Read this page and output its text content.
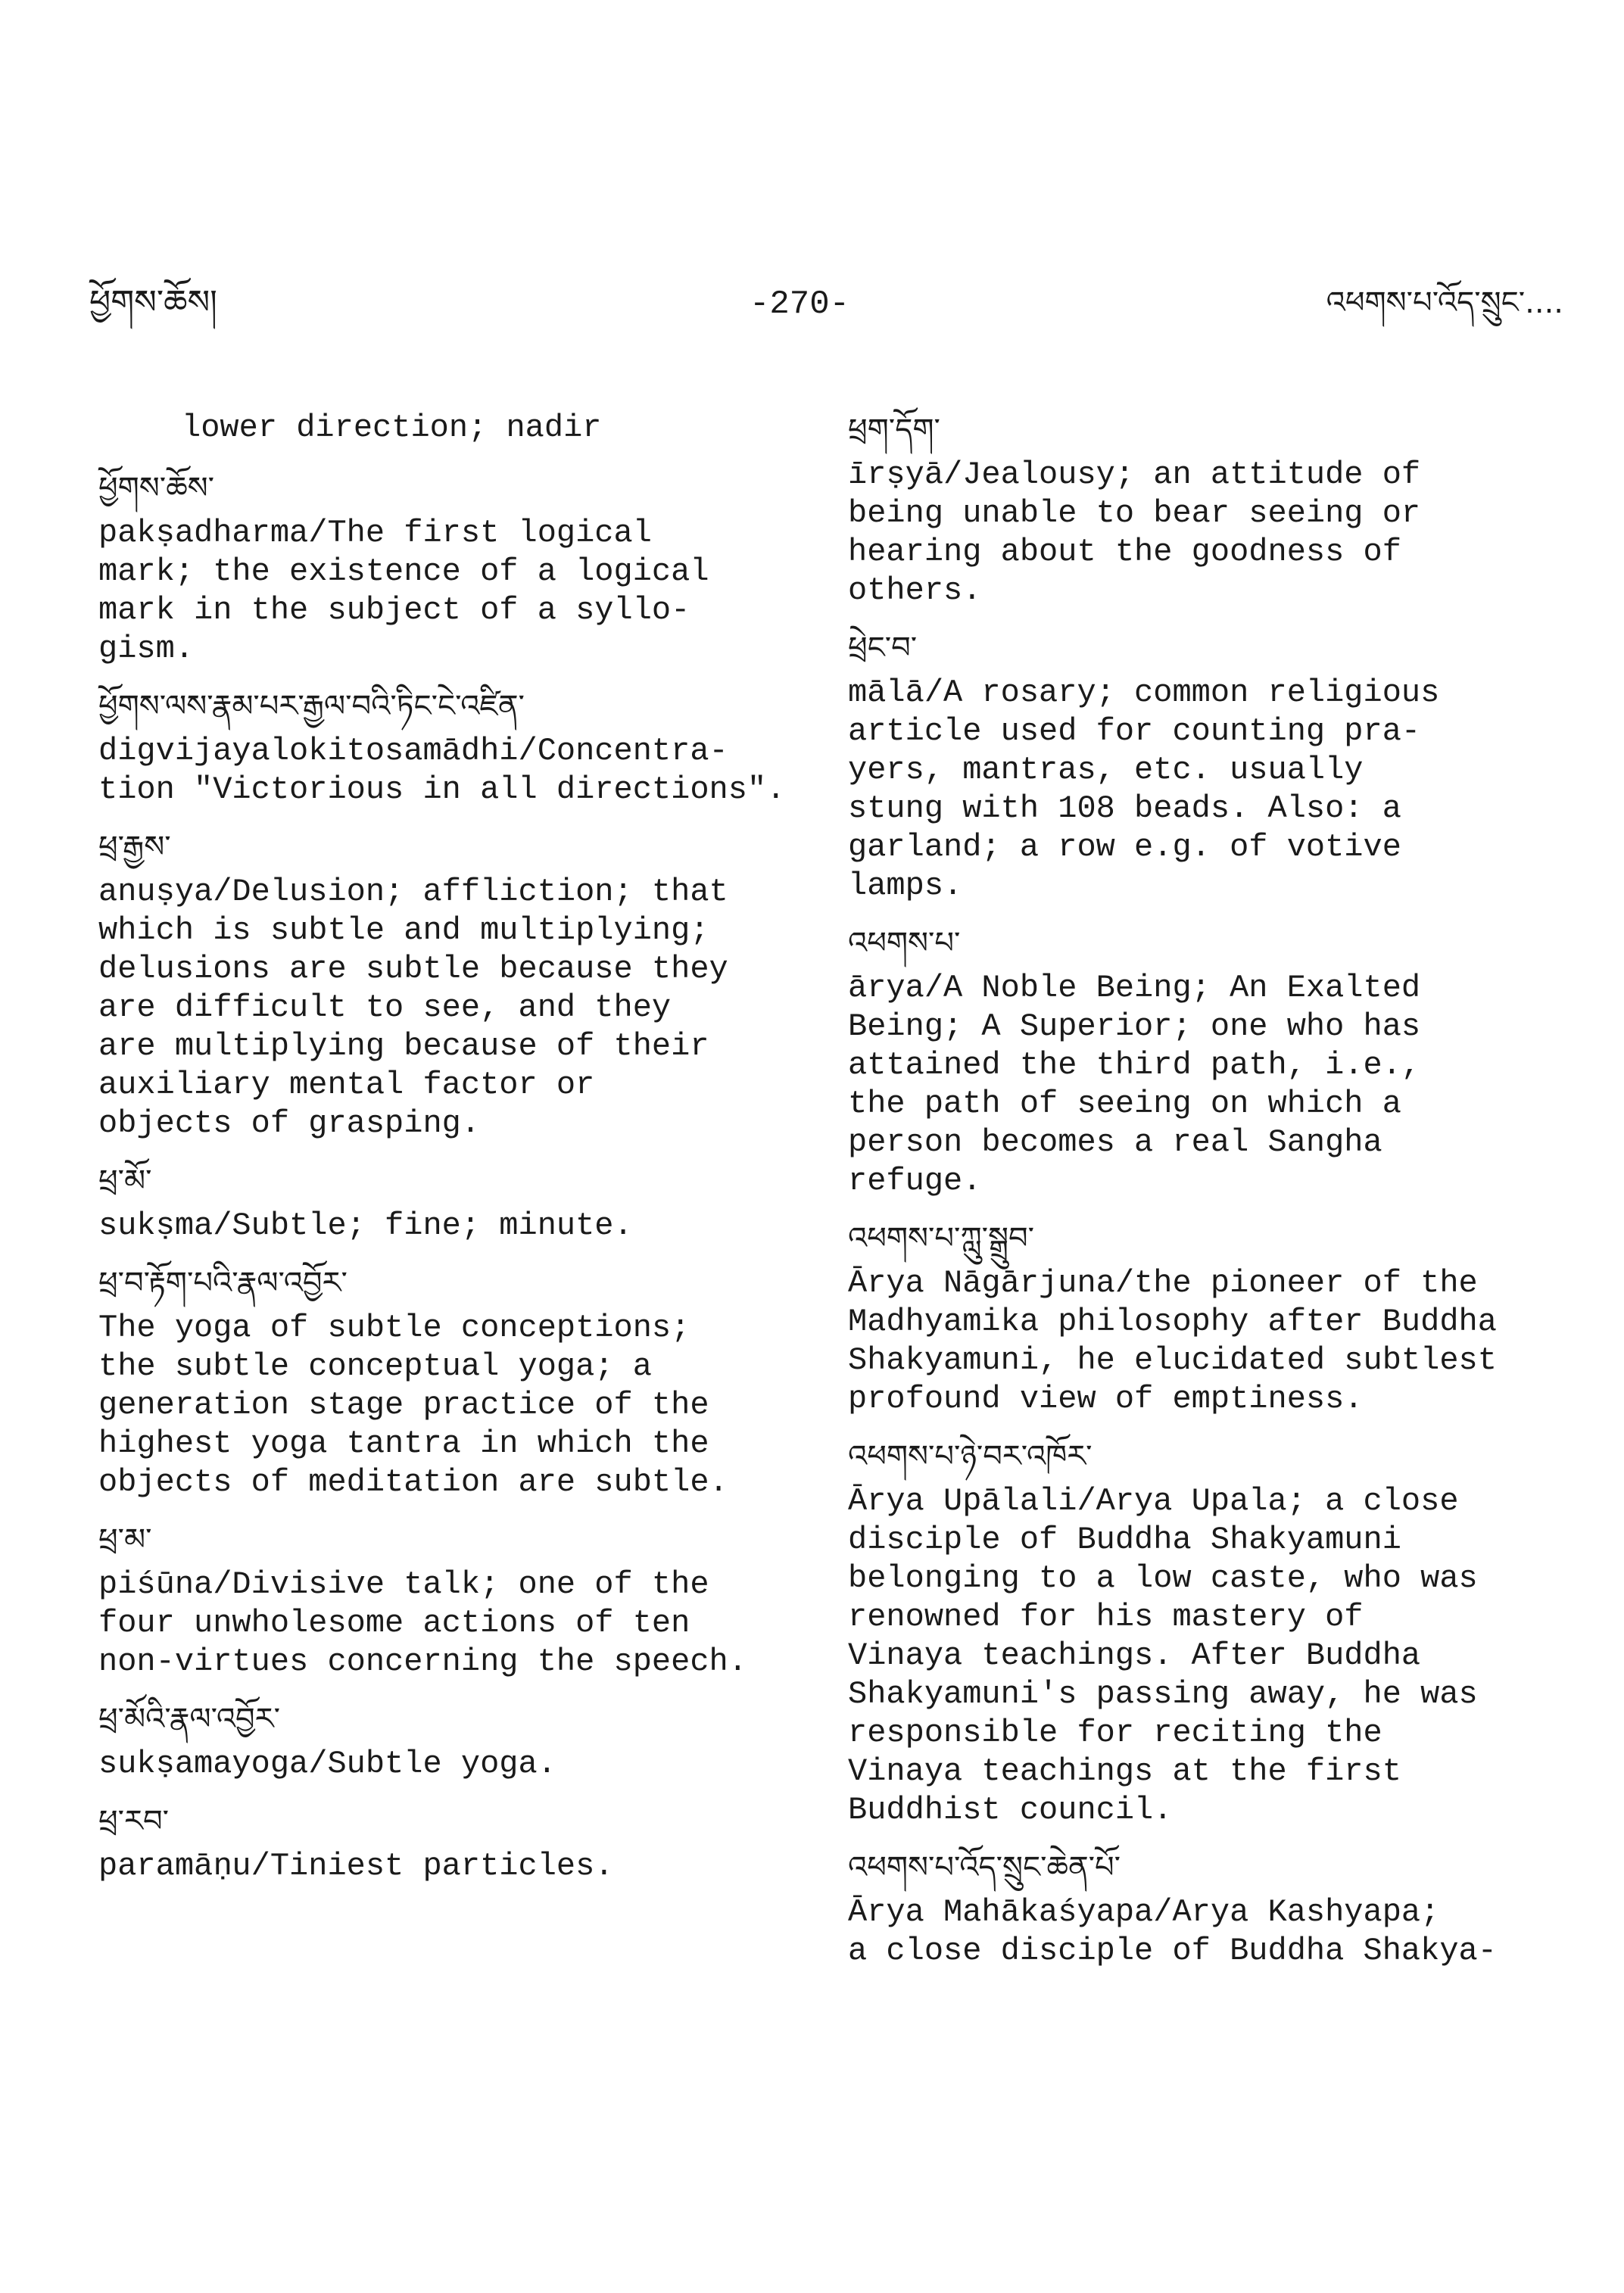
ཕྱོགས་ཆོས།	-270-	འཕགས་པ་འོད་སྲུང་....
lower direction; nadir
ཕྱོགས་ཆོས་
pakṣadharma/The first logical
mark; the existence of a logical
mark in the subject of a syllo-
gism.
ཕྱོགས་ལས་རྣམ་པར་རྒྱལ་བའི་ཏིང་ངེ་འཛིན་
digvijayalokitosamādhi/Concentra-
tion "Victorious in all directions".
ཕྲ་རྒྱས་
anuṣya/Delusion; affliction; that
which is subtle and multiplying;
delusions are subtle because they
are difficult to see, and they
are multiplying because of their
auxiliary mental factor or
objects of grasping.
ཕྲ་མོ་
sukṣma/Subtle; fine; minute.
ཕྲ་བ་རྟོག་པའི་རྣལ་འབྱོར་
The yoga of subtle conceptions;
the subtle conceptual yoga; a
generation stage practice of the
highest yoga tantra in which the
objects of meditation are subtle.
ཕྲ་མ་
piśūna/Divisive talk; one of the
four unwholesome actions of ten
non-virtues concerning the speech.
ཕྲ་མོའི་རྣལ་འབྱོར་
sukṣamayoga/Subtle yoga.
ཕྲ་རབ་
paramāṇu/Tiniest particles.
ཕྲག་དོག་
īrṣyā/Jealousy; an attitude of
being unable to bear seeing or
hearing about the goodness of
others.
ཕྲེང་བ་
mālā/A rosary; common religious
article used for counting pra-
yers, mantras, etc. usually
stung with 108 beads. Also: a
garland; a row e.g. of votive
lamps.
འཕགས་པ་
ārya/A Noble Being; An Exalted
Being; A Superior; one who has
attained the third path, i.e.,
the path of seeing on which a
person becomes a real Sangha
refuge.
འཕགས་པ་ཀླུ་སྒྲུབ་
Ārya Nāgārjuna/the pioneer of the
Madhyamika philosophy after Buddha
Shakyamuni, he elucidated subtlest
profound view of emptiness.
འཕགས་པ་ཉེ་བར་འཁོར་
Ārya Upālali/Arya Upala; a close
disciple of Buddha Shakyamuni
belonging to a low caste, who was
renowned for his mastery of
Vinaya teachings. After Buddha
Shakyamuni's passing away, he was
responsible for reciting the
Vinaya teachings at the first
Buddhist council.
འཕགས་པ་འོད་སྲུང་ཆེན་པོ་
Ārya Mahākaśyapa/Arya Kashyapa;
a close disciple of Buddha Shakya-
